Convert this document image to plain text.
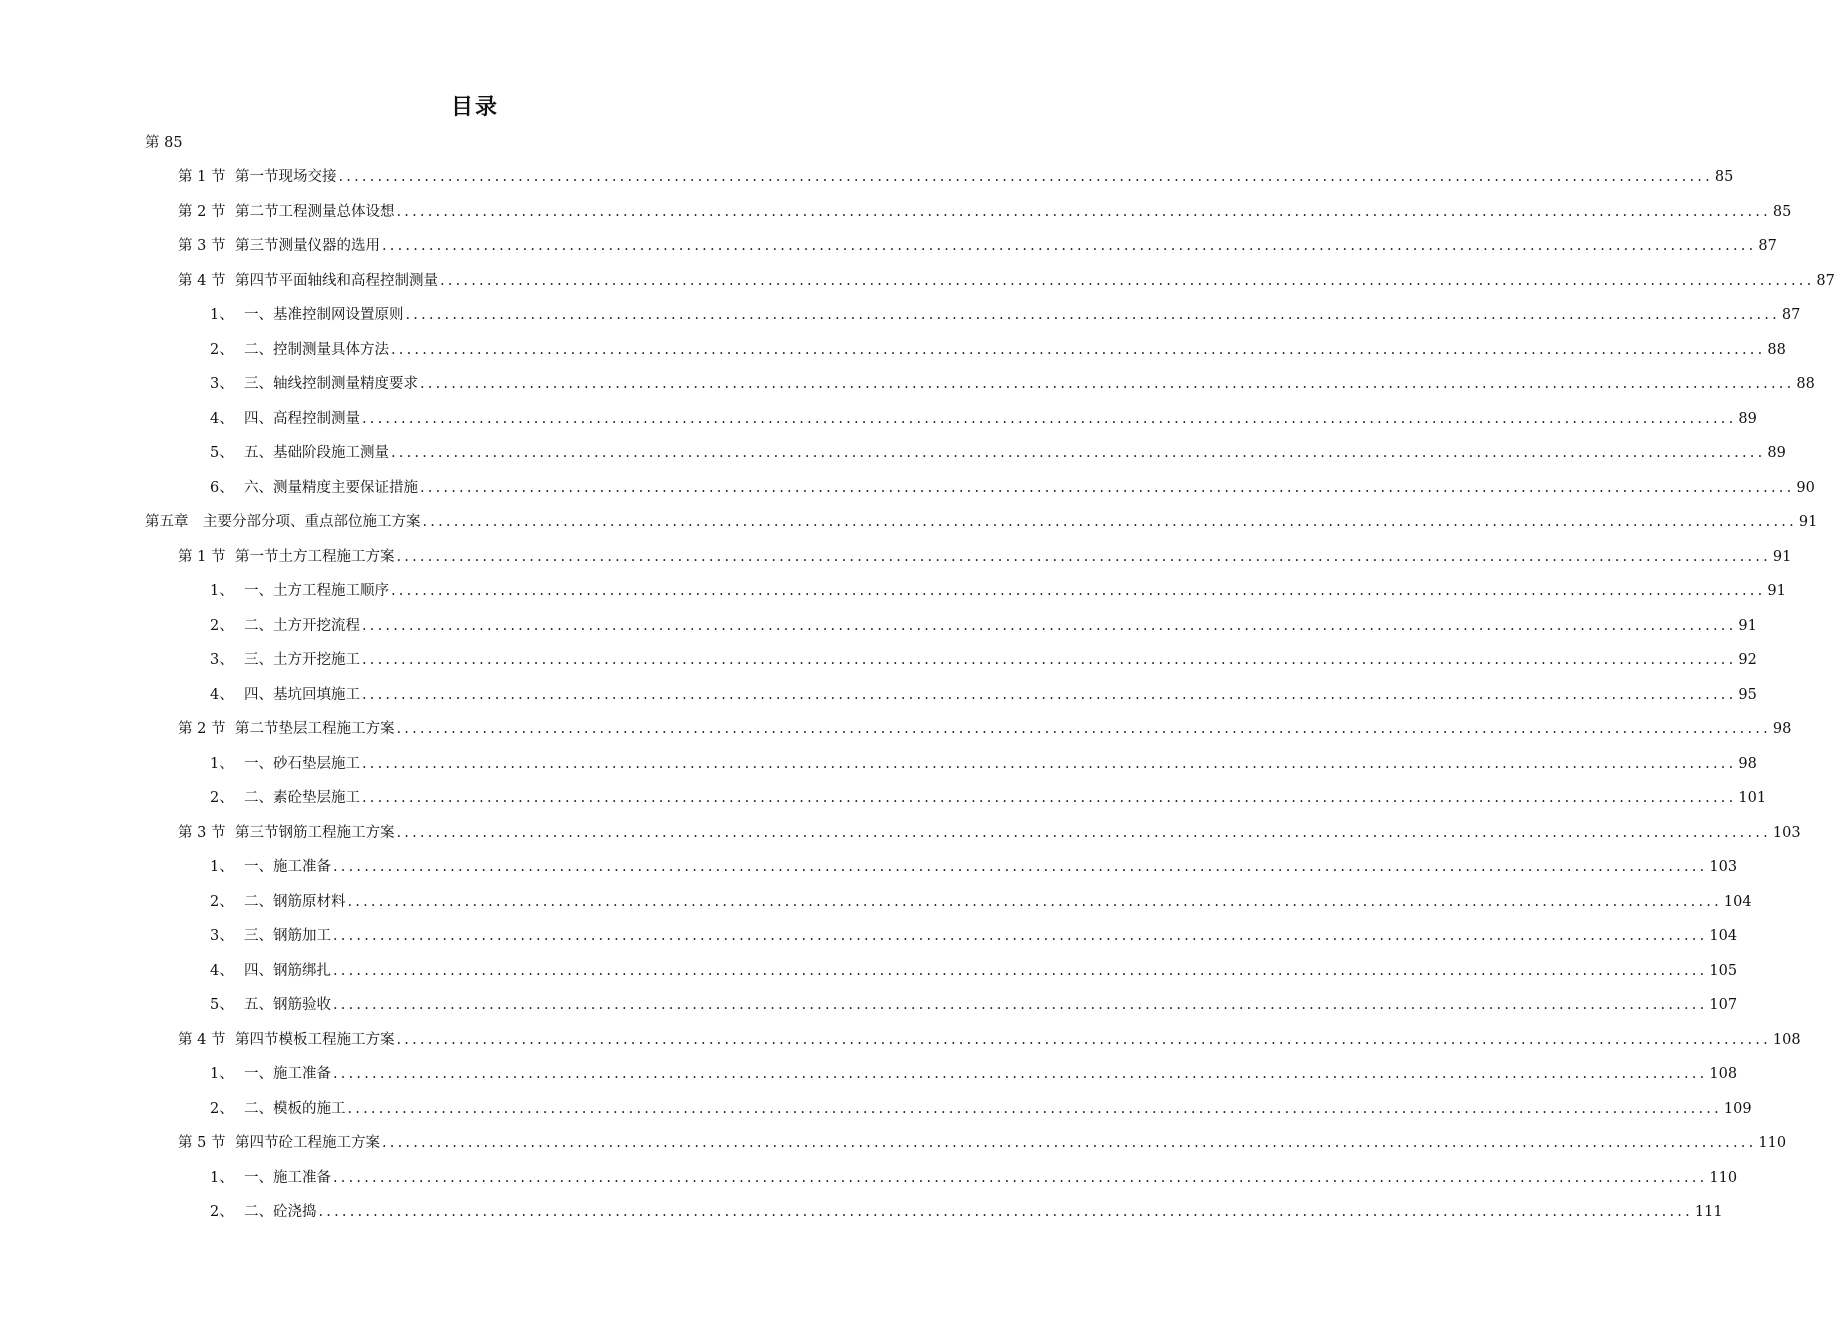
目录
第 85
第 1 节 第一节现场交接 ................................................................................................................................................................................ 85
第 2 节 第二节工程测量总体设想 ................................................................................................................................................................................ 85
第 3 节 第三节测量仪器的选用 ................................................................................................................................................................................ 87
第 4 节 第四节平面轴线和高程控制测量 ................................................................................................................................................................................ 87
1、 一、基准控制网设置原则 ................................................................................................................................................................................ 87
2、 二、控制测量具体方法 ................................................................................................................................................................................ 88
3、 三、轴线控制测量精度要求 ................................................................................................................................................................................ 88
4、 四、高程控制测量 ................................................................................................................................................................................ 89
5、 五、基础阶段施工测量 ................................................................................................................................................................................ 89
6、 六、测量精度主要保证措施 ................................................................................................................................................................................ 90
第五章	主要分部分项、重点部位施工方案 ................................................................................................................................................................................ 91
第 1 节 第一节土方工程施工方案 ................................................................................................................................................................................ 91
1、 一、土方工程施工顺序 ................................................................................................................................................................................ 91
2、 二、土方开挖流程 ................................................................................................................................................................................ 91
3、 三、土方开挖施工 ................................................................................................................................................................................ 92
4、 四、基坑回填施工 ................................................................................................................................................................................ 95
第 2 节 第二节垫层工程施工方案 ................................................................................................................................................................................ 98
1、 一、砂石垫层施工 ................................................................................................................................................................................ 98
2、 二、素砼垫层施工 ................................................................................................................................................................................ 101
第 3 节 第三节钢筋工程施工方案 ................................................................................................................................................................................ 103
1、 一、施工准备 ................................................................................................................................................................................ 103
2、 二、钢筋原材料 ................................................................................................................................................................................ 104
3、 三、钢筋加工 ................................................................................................................................................................................ 104
4、 四、钢筋绑扎 ................................................................................................................................................................................ 105
5、 五、钢筋验收 ................................................................................................................................................................................ 107
第 4 节 第四节模板工程施工方案 ................................................................................................................................................................................ 108
1、 一、施工准备 ................................................................................................................................................................................ 108
2、 二、模板的施工 ................................................................................................................................................................................ 109
第 5 节 第四节砼工程施工方案 ................................................................................................................................................................................ 110
1、 一、施工准备 ................................................................................................................................................................................ 110
2、 二、砼浇捣 ................................................................................................................................................................................ 111
